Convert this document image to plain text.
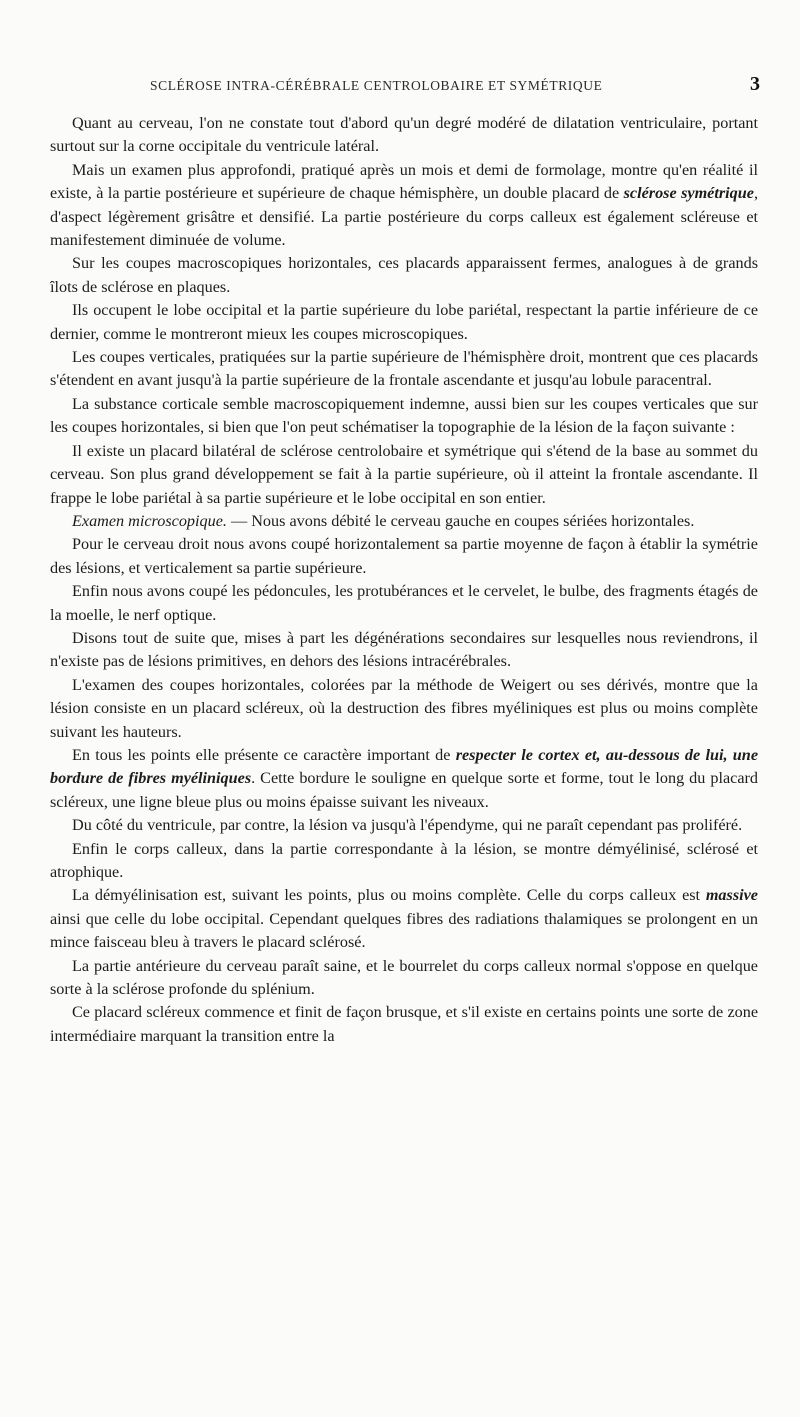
SCLÉROSE INTRA-CÉRÉBRALE CENTROLOBAIRE ET SYMÉTRIQUE	3

Quant au cerveau, l'on ne constate tout d'abord qu'un degré modéré de dilatation ventriculaire, portant surtout sur la corne occipitale du ventricule latéral.

Mais un examen plus approfondi, pratiqué après un mois et demi de formolage, montre qu'en réalité il existe, à la partie postérieure et supérieure de chaque hémisphère, un double placard de sclérose symétrique, d'aspect légèrement grisâtre et densifié. La partie postérieure du corps calleux est également scléreuse et manifestement diminuée de volume.

Sur les coupes macroscopiques horizontales, ces placards apparaissent fermes, analogues à de grands îlots de sclérose en plaques.

Ils occupent le lobe occipital et la partie supérieure du lobe pariétal, respectant la partie inférieure de ce dernier, comme le montreront mieux les coupes microscopiques.

Les coupes verticales, pratiquées sur la partie supérieure de l'hémisphère droit, montrent que ces placards s'étendent en avant jusqu'à la partie supérieure de la frontale ascendante et jusqu'au lobule paracentral.

La substance corticale semble macroscopiquement indemne, aussi bien sur les coupes verticales que sur les coupes horizontales, si bien que l'on peut schématiser la topographie de la lésion de la façon suivante :

Il existe un placard bilatéral de sclérose centrolobaire et symétrique qui s'étend de la base au sommet du cerveau. Son plus grand développement se fait à la partie supérieure, où il atteint la frontale ascendante. Il frappe le lobe pariétal à sa partie supérieure et le lobe occipital en son entier.

Examen microscopique. — Nous avons débité le cerveau gauche en coupes sériées horizontales.

Pour le cerveau droit nous avons coupé horizontalement sa partie moyenne de façon à établir la symétrie des lésions, et verticalement sa partie supérieure.

Enfin nous avons coupé les pédoncules, les protubérances et le cervelet, le bulbe, des fragments étagés de la moelle, le nerf optique.

Disons tout de suite que, mises à part les dégénérations secondaires sur lesquelles nous reviendrons, il n'existe pas de lésions primitives, en dehors des lésions intracérébrales.

L'examen des coupes horizontales, colorées par la méthode de Weigert ou ses dérivés, montre que la lésion consiste en un placard scléreux, où la destruction des fibres myéliniques est plus ou moins complète suivant les hauteurs.

En tous les points elle présente ce caractère important de respecter le cortex et, au-dessous de lui, une bordure de fibres myéliniques. Cette bordure le souligne en quelque sorte et forme, tout le long du placard scléreux, une ligne bleue plus ou moins épaisse suivant les niveaux.

Du côté du ventricule, par contre, la lésion va jusqu'à l'épendyme, qui ne paraît cependant pas proliféré.

Enfin le corps calleux, dans la partie correspondante à la lésion, se montre démyélinisé, sclérosé et atrophique.

La démyélinisation est, suivant les points, plus ou moins complète. Celle du corps calleux est massive ainsi que celle du lobe occipital. Cependant quelques fibres des radiations thalamiques se prolongent en un mince faisceau bleu à travers le placard sclérosé.

La partie antérieure du cerveau paraît saine, et le bourrelet du corps calleux normal s'oppose en quelque sorte à la sclérose profonde du splénium.

Ce placard scléreux commence et finit de façon brusque, et s'il existe en certains points une sorte de zone intermédiaire marquant la transition entre la
